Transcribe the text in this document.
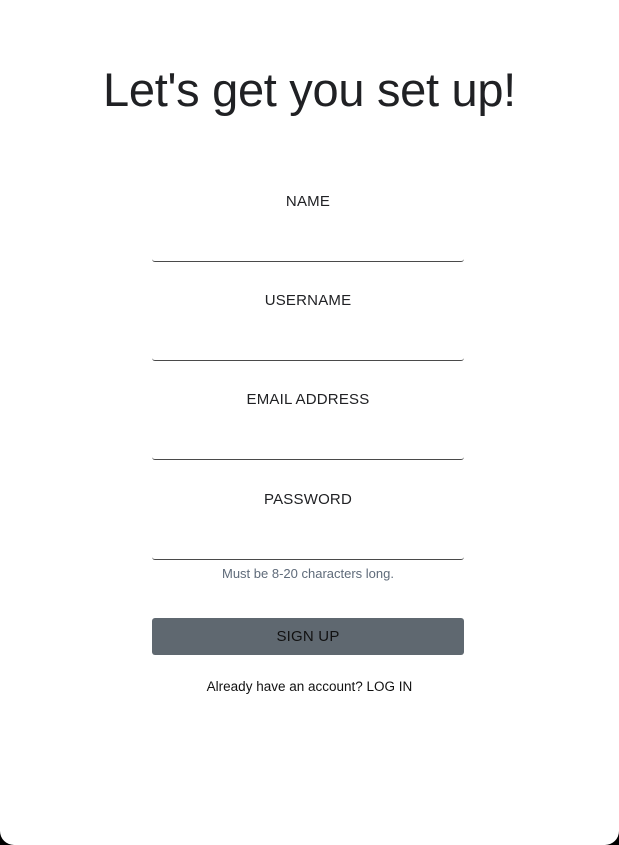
Let's get you set up!
NAME
USERNAME
EMAIL ADDRESS
PASSWORD
Must be 8-20 characters long.
SIGN UP
Already have an account? LOG IN
